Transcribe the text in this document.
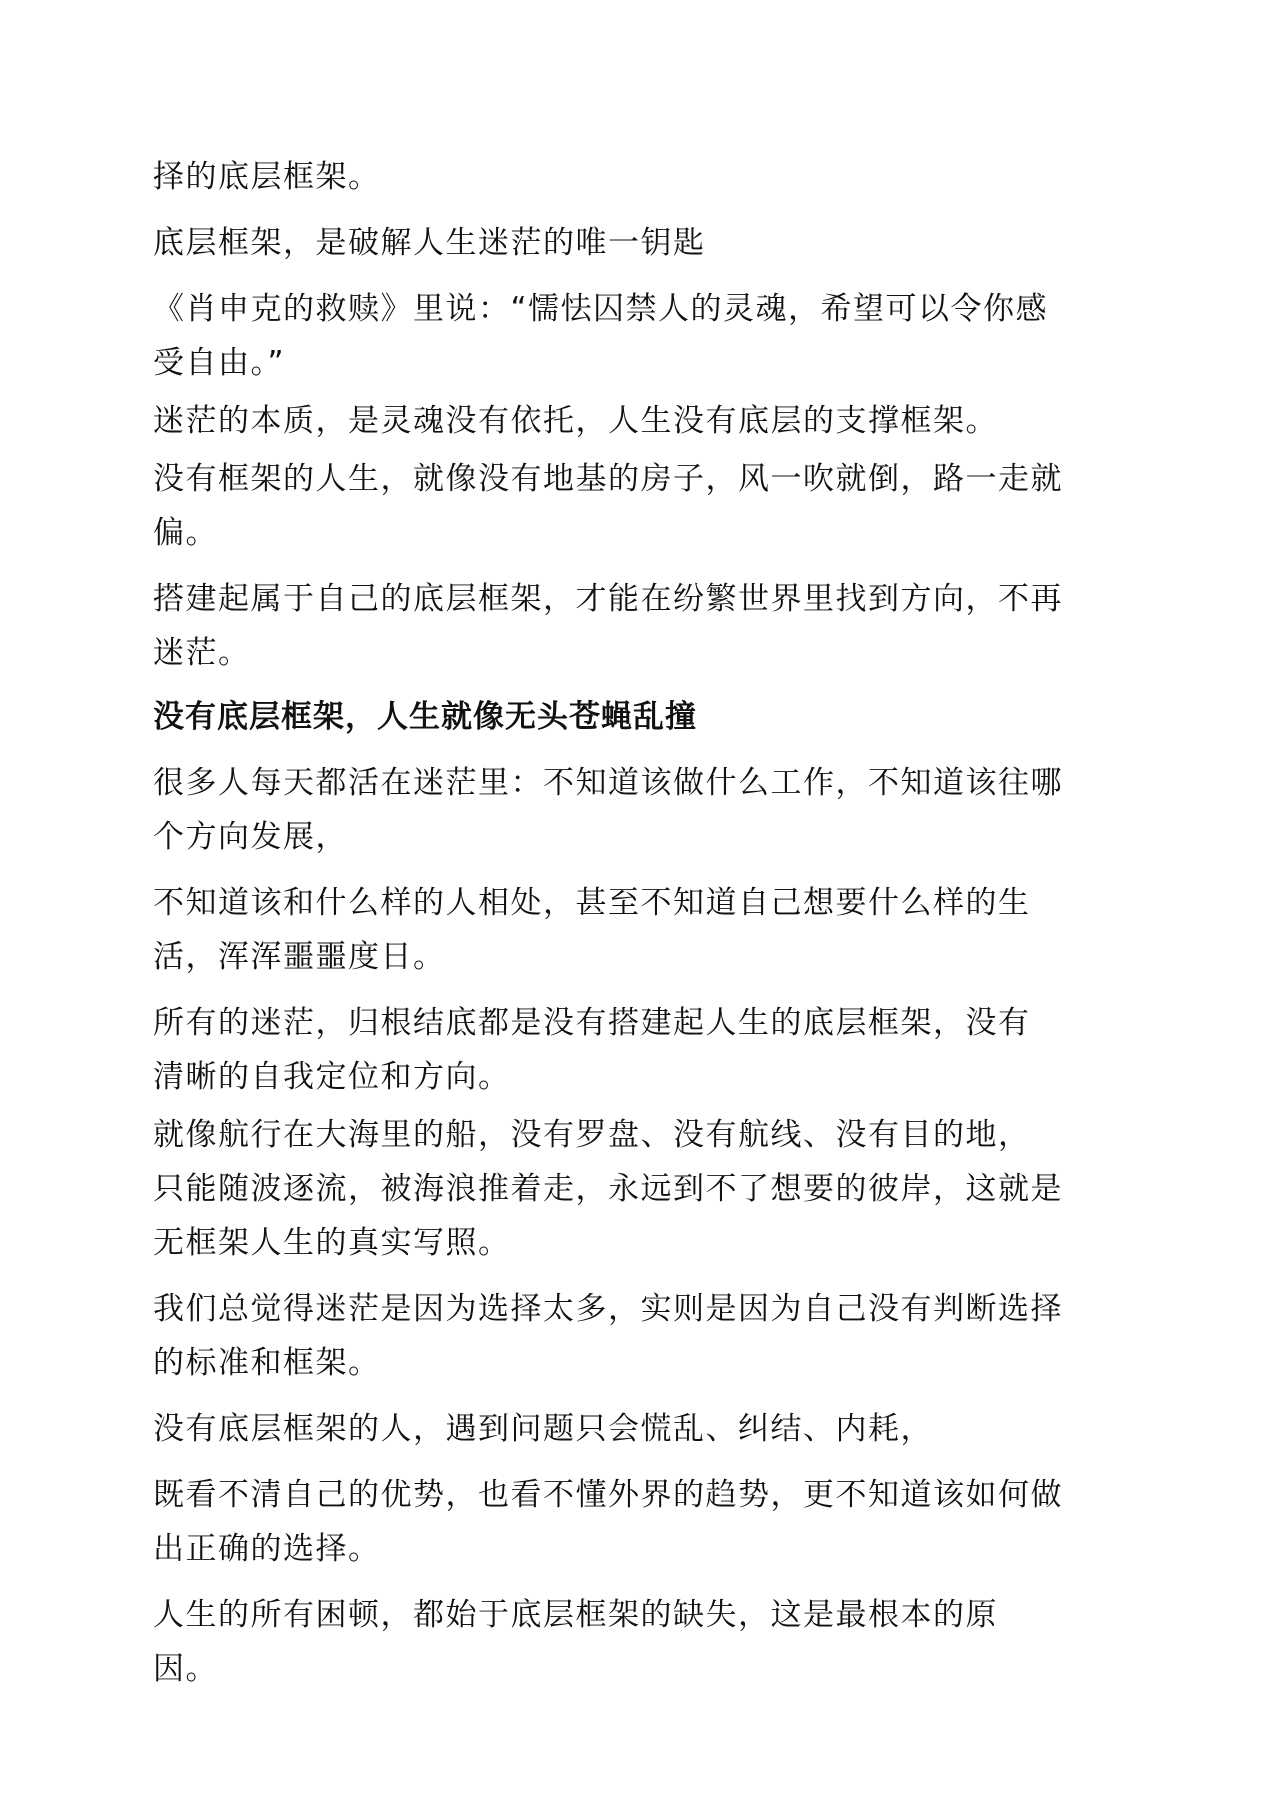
择的底层框架。

底层框架，是破解人生迷茫的唯一钥匙

《肖申克的救赎》里说：“懦怯囚禁人的灵魂，希望可以令你感
受自由。”

迷茫的本质，是灵魂没有依托，人生没有底层的支撑框架。

没有框架的人生，就像没有地基的房子，风一吹就倒，路一走就
偏。

搭建起属于自己的底层框架，才能在纷繁世界里找到方向，不再
迷茫。

没有底层框架，人生就像无头苍蝇乱撞

很多人每天都活在迷茫里：不知道该做什么工作，不知道该往哪
个方向发展，

不知道该和什么样的人相处，甚至不知道自己想要什么样的生
活，浑浑噩噩度日。

所有的迷茫，归根结底都是没有搭建起人生的底层框架，没有
清晰的自我定位和方向。

就像航行在大海里的船，没有罗盘、没有航线、没有目的地，

只能随波逐流，被海浪推着走，永远到不了想要的彼岸，这就是

无框架人生的真实写照。

我们总觉得迷茫是因为选择太多，实则是因为自己没有判断选择
的标准和框架。

没有底层框架的人，遇到问题只会慌乱、纠结、内耗，

既看不清自己的优势，也看不懂外界的趋势，更不知道该如何做
出正确的选择。

人生的所有困顿，都始于底层框架的缺失，这是最根本的原
因。
